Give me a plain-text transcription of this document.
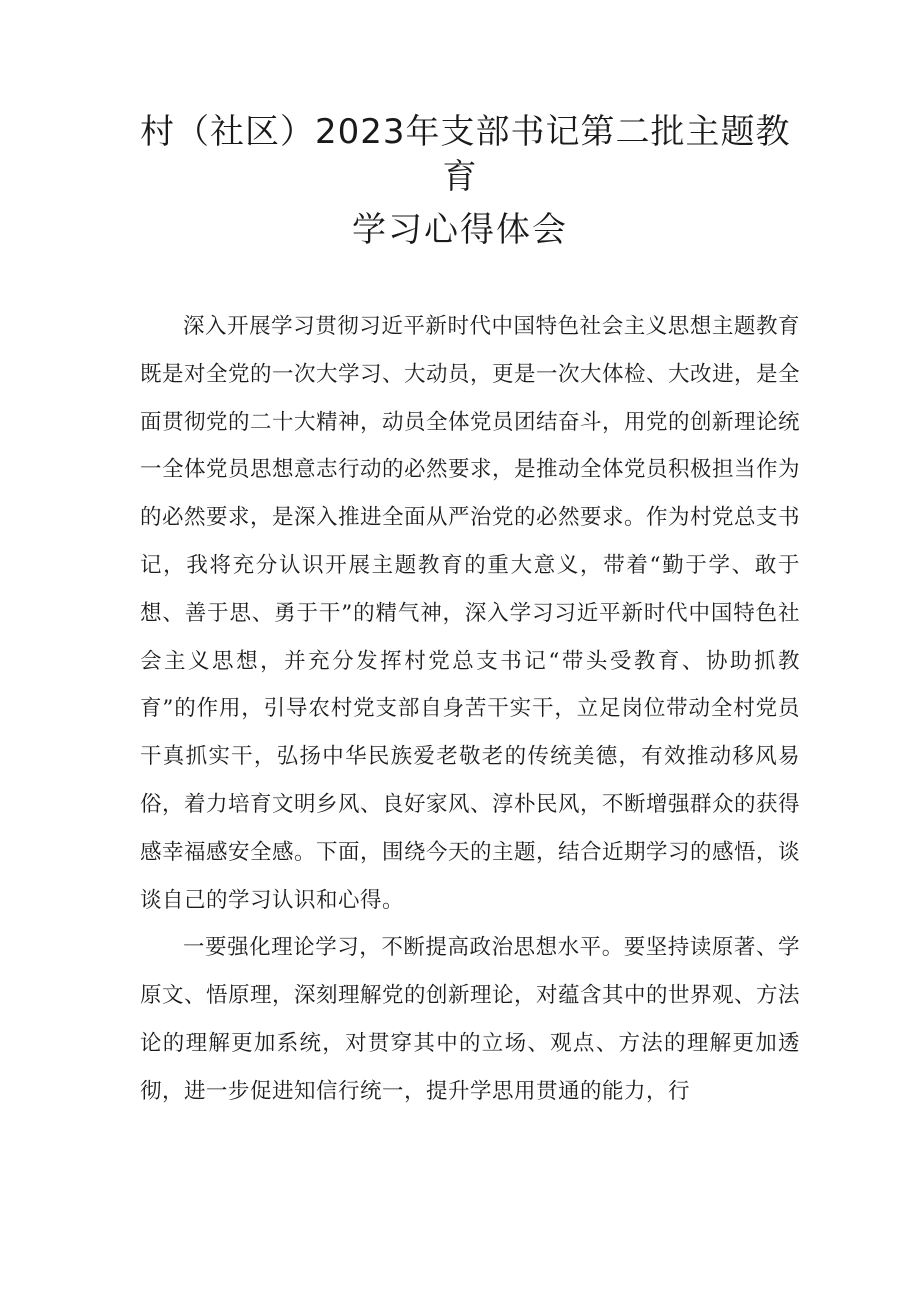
村（社区）2023年支部书记第二批主题教
育
学习心得体会

深入开展学习贯彻习近平新时代中国特色社会主义思想主题教育既是对全党的一次大学习、大动员，更是一次大体检、大改进，是全面贯彻党的二十大精神，动员全体党员团结奋斗，用党的创新理论统一全体党员思想意志行动的必然要求，是推动全体党员积极担当作为的必然要求，是深入推进全面从严治党的必然要求。作为村党总支书记，我将充分认识开展主题教育的重大意义，带着“勤于学、敢于想、善于思、勇于干”的精气神，深入学习习近平新时代中国特色社会主义思想，并充分发挥村党总支书记“带头受教育、协助抓教育”的作用，引导农村党支部自身苦干实干，立足岗位带动全村党员干真抓实干，弘扬中华民族爱老敬老的传统美德，有效推动移风易俗，着力培育文明乡风、良好家风、淳朴民风，不断增强群众的获得感幸福感安全感。下面，围绕今天的主题，结合近期学习的感悟，谈谈自己的学习认识和心得。

一要强化理论学习，不断提高政治思想水平。要坚持读原著、学原文、悟原理，深刻理解党的创新理论，对蕴含其中的世界观、方法论的理解更加系统，对贯穿其中的立场、观点、方法的理解更加透彻，进一步促进知信行统一，提升学思用贯通的能力，行
